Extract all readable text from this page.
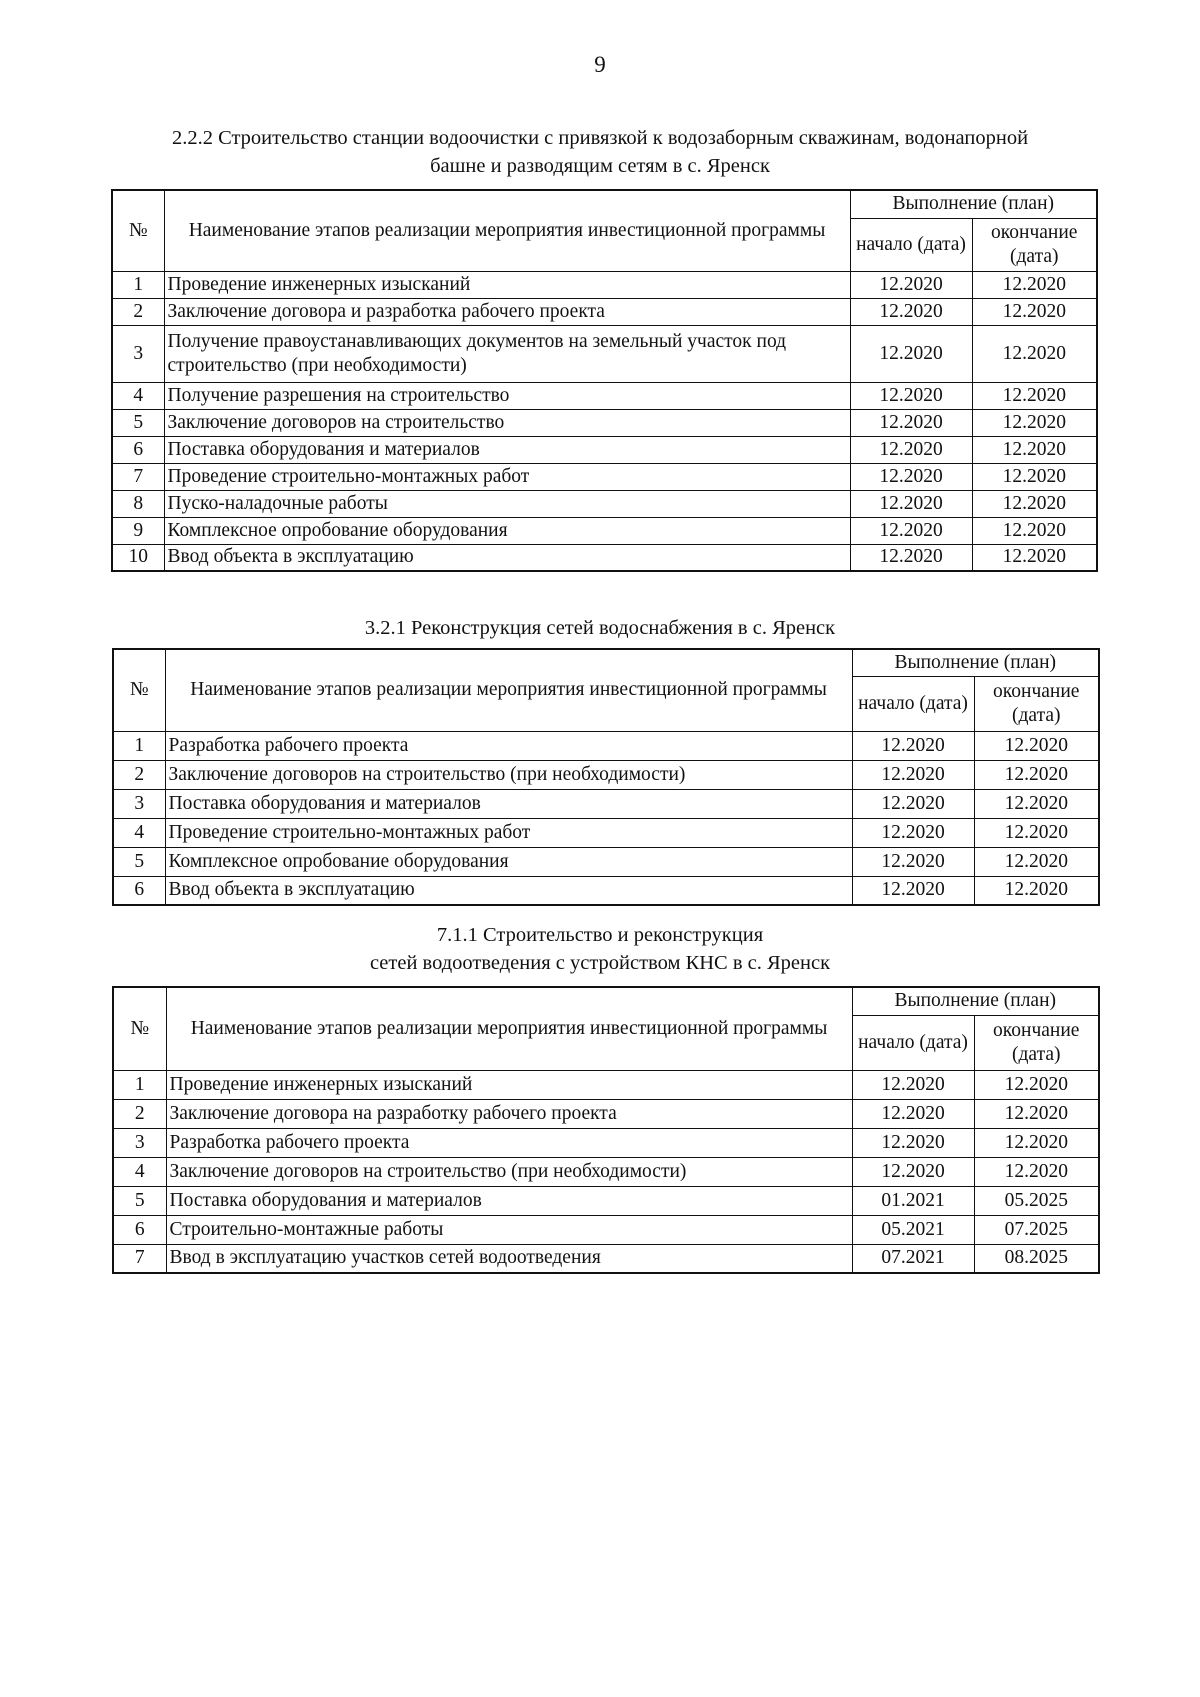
9
2.2.2 Строительство станции водоочистки с привязкой к водозаборным скважинам, водонапорной
башне и разводящим сетям в с. Яренск
№	Наименование этапов реализации мероприятия инвестиционной программы	Выполнение (план)	
		начало (дата)	окончание (дата)
1	Проведение инженерных изысканий	12.2020	12.2020
2	Заключение договора и разработка рабочего проекта	12.2020	12.2020
3	Получение правоустанавливающих документов на земельный участок под строительство (при необходимости)	12.2020	12.2020
4	Получение разрешения на строительство	12.2020	12.2020
5	Заключение договоров на строительство	12.2020	12.2020
6	Поставка оборудования и материалов	12.2020	12.2020
7	Проведение строительно-монтажных работ	12.2020	12.2020
8	Пуско-наладочные работы	12.2020	12.2020
9	Комплексное опробование оборудования	12.2020	12.2020
10	Ввод объекта в эксплуатацию	12.2020	12.2020
3.2.1 Реконструкция сетей водоснабжения в с. Яренск
№	Наименование этапов реализации мероприятия инвестиционной программы	Выполнение (план)	
		начало (дата)	окончание (дата)
1	Разработка рабочего проекта	12.2020	12.2020
2	Заключение договоров на строительство (при необходимости)	12.2020	12.2020
3	Поставка оборудования и материалов	12.2020	12.2020
4	Проведение строительно-монтажных работ	12.2020	12.2020
5	Комплексное опробование оборудования	12.2020	12.2020
6	Ввод объекта в эксплуатацию	12.2020	12.2020
7.1.1 Строительство и реконструкция
сетей водоотведения с устройством КНС в с. Яренск
№	Наименование этапов реализации мероприятия инвестиционной программы	Выполнение (план)	
		начало (дата)	окончание (дата)
1	Проведение инженерных изысканий	12.2020	12.2020
2	Заключение договора на разработку рабочего проекта	12.2020	12.2020
3	Разработка рабочего проекта	12.2020	12.2020
4	Заключение договоров на строительство (при необходимости)	12.2020	12.2020
5	Поставка оборудования и материалов	01.2021	05.2025
6	Строительно-монтажные работы	05.2021	07.2025
7	Ввод в эксплуатацию участков сетей водоотведения	07.2021	08.2025
